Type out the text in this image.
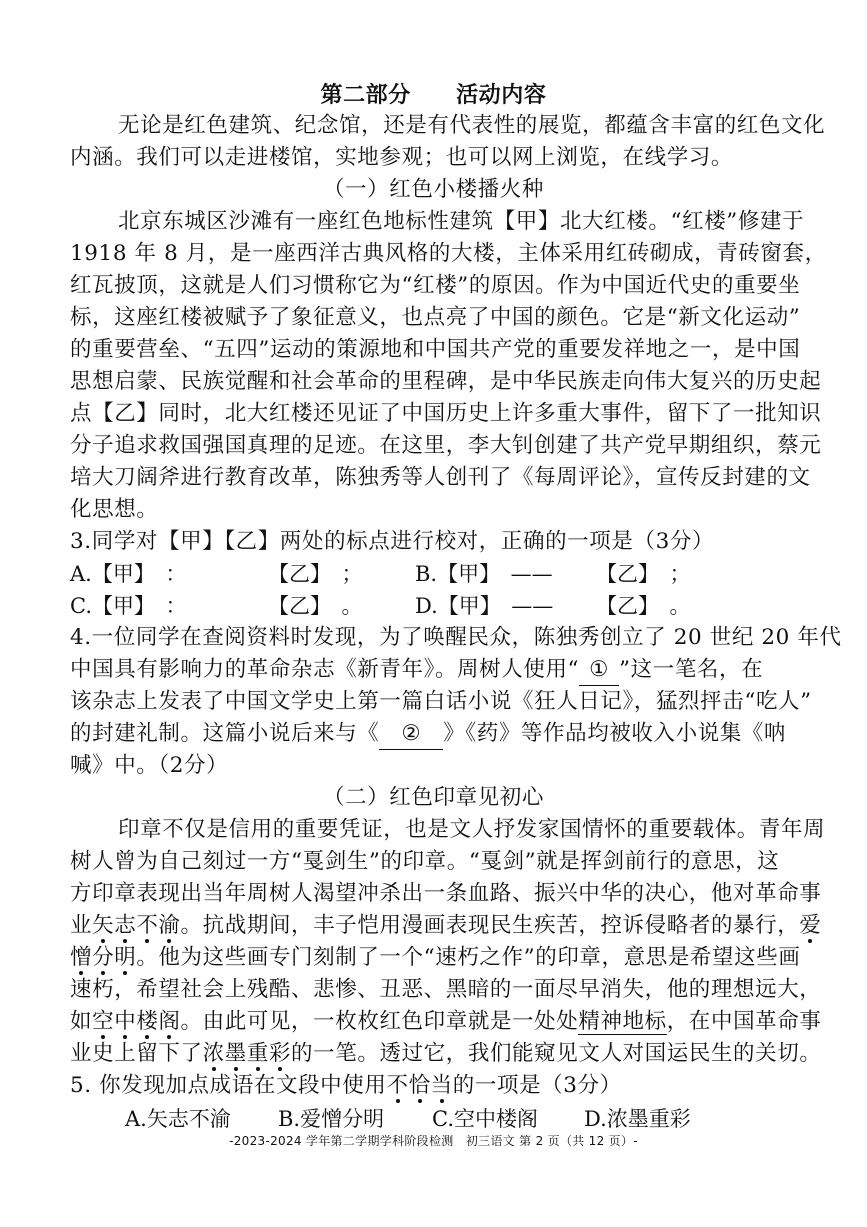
第二部分　　活动内容
无论是红色建筑、纪念馆，还是有代表性的展览，都蕴含丰富的红色文化
内涵。我们可以走进楼馆，实地参观；也可以网上浏览，在线学习。
（一）红色小楼播火种
北京东城区沙滩有一座红色地标性建筑【甲】北大红楼。“红楼”修建于
1918 年 8 月，是一座西洋古典风格的大楼，主体采用红砖砌成，青砖窗套，
红瓦披顶，这就是人们习惯称它为“红楼”的原因。作为中国近代史的重要坐
标，这座红楼被赋予了象征意义，也点亮了中国的颜色。它是“新文化运动”
的重要营垒、“五四”运动的策源地和中国共产党的重要发祥地之一，是中国
思想启蒙、民族觉醒和社会革命的里程碑，是中华民族走向伟大复兴的历史起
点【乙】同时，北大红楼还见证了中国历史上许多重大事件，留下了一批知识
分子追求救国强国真理的足迹。在这里，李大钊创建了共产党早期组织，蔡元
培大刀阔斧进行教育改革，陈独秀等人创刊了《每周评论》，宣传反封建的文
化思想。
3.同学对【甲】【乙】两处的标点进行校对，正确的一项是（3分）
A.【甲】　：	【乙】　；	B.【甲】　—— 【乙】　；
C.【甲】　：	【乙】　。	D.【甲】　—— 【乙】　。
4.一位同学在查阅资料时发现，为了唤醒民众，陈独秀创立了 20 世纪 20 年代
中国具有影响力的革命杂志《新青年》。周树人使用“ ① ”这一笔名，在
该杂志上发表了中国文学史上第一篇白话小说《狂人日记》，猛烈抨击“吃人”
的封建礼制。这篇小说后来与《 ② 》《药》等作品均被收入小说集《呐
喊》中。（2分）
（二）红色印章见初心
印章不仅是信用的重要凭证，也是文人抒发家国情怀的重要载体。青年周
树人曾为自己刻过一方“戛剑生”的印章。“戛剑”就是挥剑前行的意思，这
方印章表现出当年周树人渴望冲杀出一条血路、振兴中华的决心，他对革命事
业矢志不渝。抗战期间，丰子恺用漫画表现民生疾苦，控诉侵略者的暴行，爱
憎分明。他为这些画专门刻制了一个“速朽之作”的印章，意思是希望这些画
速朽，希望社会上残酷、悲惨、丑恶、黑暗的一面尽早消失，他的理想远大，
如空中楼阁。由此可见，一枚枚红色印章就是一处处精神地标，在中国革命事
业史上留下了浓墨重彩的一笔。透过它，我们能窥见文人对国运民生的关切。
5. 你发现加点成语在文段中使用不恰当的一项是（3分）
A.矢志不渝 B.爱憎分明 C.空中楼阁 D.浓墨重彩
-2023-2024 学年第二学期学科阶段检测　初三语文 第 2 页（共 12 页）-
